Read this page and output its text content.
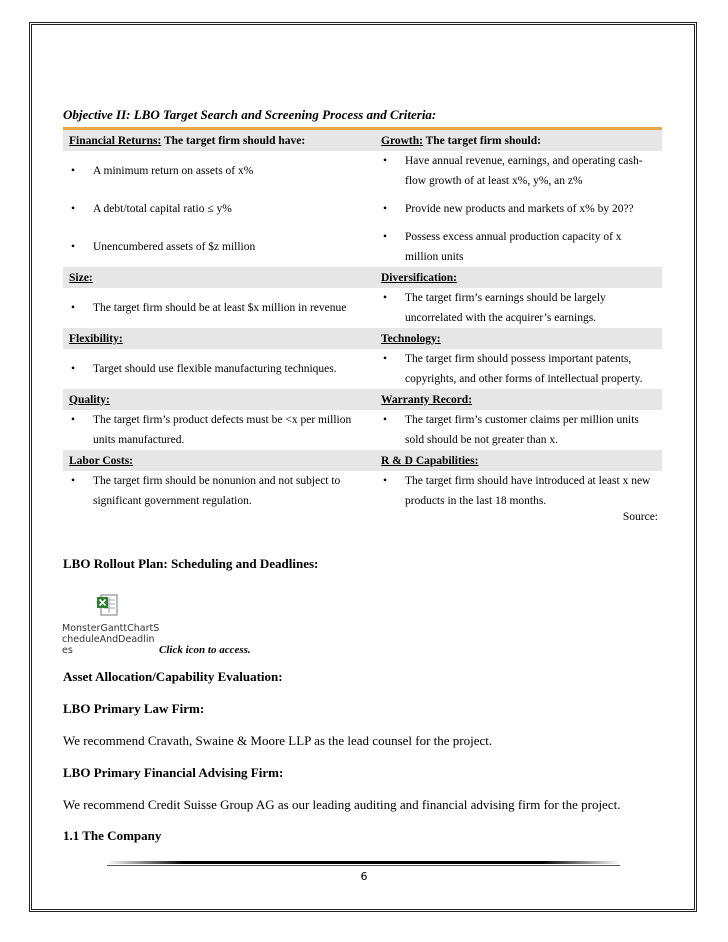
Objective II: LBO Target Search and Screening Process and Criteria:
Financial Returns: The target firm should have:	Growth: The target firm should:

• A minimum return on assets of x%	• Have annual revenue, earnings, and operating cash-flow growth of at least x%, y%, an z%

• A debt/total capital ratio ≤ y%	• Provide new products and markets of x% by 20??

• Unencumbered assets of $z million	• Possess excess annual production capacity of x million units

Size:	Diversification:

• The target firm should be at least $x million in revenue	• The target firm’s earnings should be largely uncorrelated with the acquirer’s earnings.

Flexibility:	Technology:

• Target should use flexible manufacturing techniques.	• The target firm should possess important patents, copyrights, and other forms of intellectual property.

Quality:	Warranty Record:

• The target firm’s product defects must be <x per million units manufactured.	• The target firm’s customer claims per million units sold should be not greater than x.

Labor Costs:	R & D Capabilities:

• The target firm should be nonunion and not subject to significant government regulation.	• The target firm should have introduced at least x new products in the last 18 months.
Source:
LBO Rollout Plan: Scheduling and Deadlines:
MonsterGanttChartScheduleAndDeadlines	Click icon to access.
Asset Allocation/Capability Evaluation:
LBO Primary Law Firm:
We recommend Cravath, Swaine & Moore LLP as the lead counsel for the project.
LBO Primary Financial Advising Firm:
We recommend Credit Suisse Group AG as our leading auditing and financial advising firm for the project.
1.1 The Company
6
